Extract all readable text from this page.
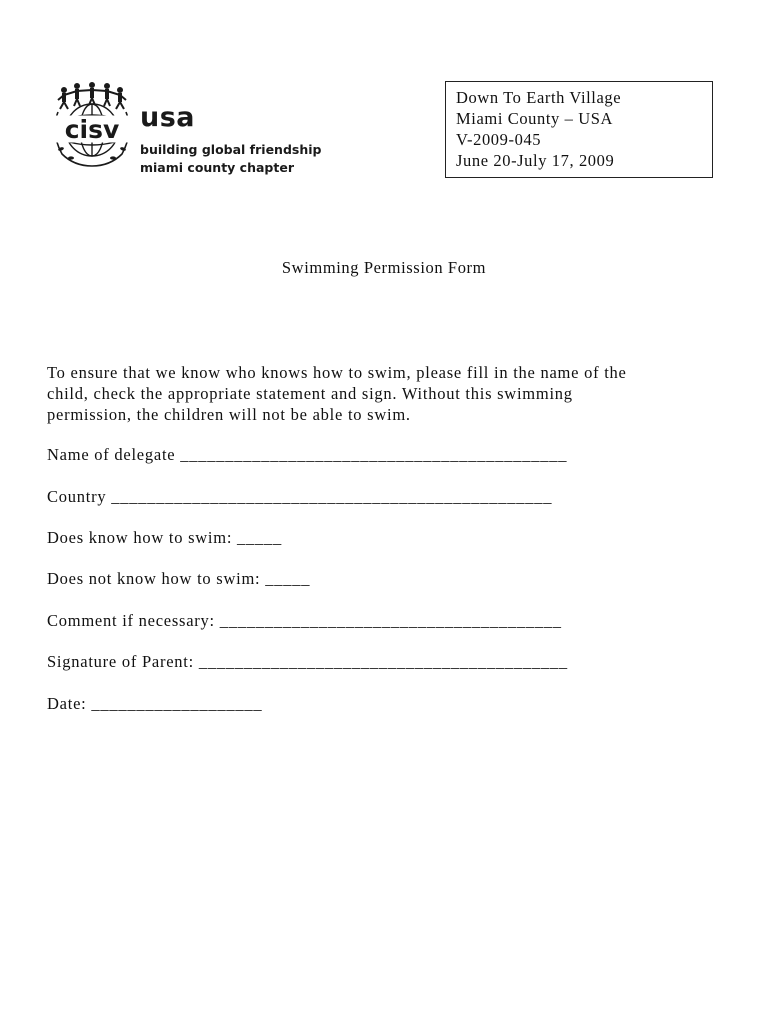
cisv usa
building global friendship
miami county chapter
Down To Earth Village
Miami County – USA
V-2009-045
June 20-July 17, 2009
Swimming Permission Form
To ensure that we know who knows how to swim, please fill in the name of the
child, check the appropriate statement and sign. Without this swimming
permission, the children will not be able to swim.
Name of delegate ___________________________________________
Country _________________________________________________
Does know how to swim: _____
Does not know how to swim: _____
Comment if necessary: ______________________________________
Signature of Parent: _________________________________________
Date: ___________________
